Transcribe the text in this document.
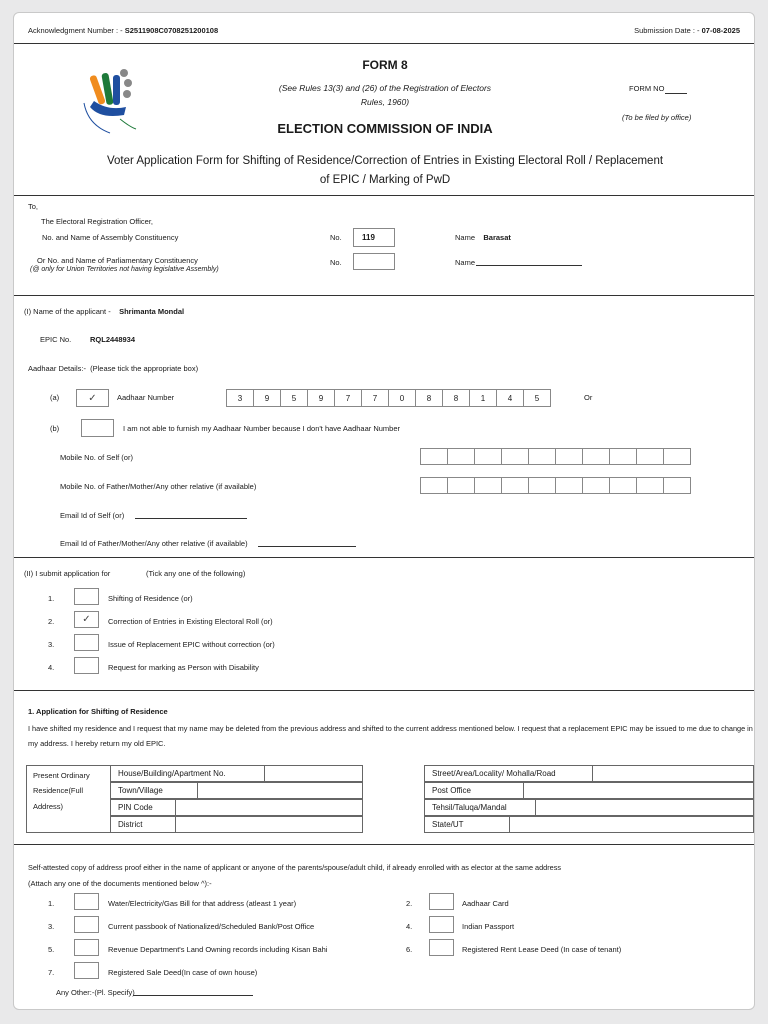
Acknowledgment Number : - S2511908C0708251200108	Submission Date : - 07-08-2025
FORM 8
(See Rules 13(3) and (26) of the Registration of Electors
Rules, 1960)
ELECTION COMMISSION OF INDIA
FORM NO
(To be filed by office)
Voter Application Form for Shifting of Residence/Correction of Entries in Existing Electoral Roll / Replacement
of EPIC / Marking of PwD
To,
The Electoral Registration Officer,
No. and Name of Assembly Constituency	No.	119	Name Barasat
Or No. and Name of Parliamentary Constituency
(@ only for Union Territories not having legislative Assembly)
No.	Name
(I) Name of the applicant - Shrimanta Mondal
EPIC No. RQL2448934
Aadhaar Details:- (Please tick the appropriate box)
(a)	✓	Aadhaar Number	Or
(b)	I am not able to furnish my Aadhaar Number because I don't have Aadhaar Number
Mobile No. of Self (or)
Mobile No. of Father/Mother/Any other relative (if available)
Email Id of Self (or)
Email Id of Father/Mother/Any other relative (if available)
(II) I submit application for	(Tick any one of the following)
1. Application for Shifting of Residence
I have shifted my residence and I request that my name may be deleted from the previous address and shifted to the current address mentioned below. I request that a replacement EPIC may be issued to me due to change in
my address. I hereby return my old EPIC.
Present Ordinary
Residence(Full
Address)
Self-attested copy of address proof either in the name of applicant or anyone of the parents/spouse/adult child, if already enrolled with as elector at the same address
(Attach any one of the documents mentioned below ^):-
Any Other:-(Pl. Specify)
3	9	5	9	7	7	0	8	8	1	4	5
1.	Shifting of Residence (or)
2.	✓	Correction of Entries in Existing Electoral Roll (or)
3.	Issue of Replacement EPIC without correction (or)
4.	Request for marking as Person with Disability
House/Building/Apartment No.
Town/Village
PIN Code
District
Street/Area/Locality/ Mohalla/Road
Post Office
Tehsil/Taluqa/Mandal
State/UT
1.	Water/Electricity/Gas Bill for that address (atleast 1 year)	2.	Aadhaar Card
3.	Current passbook of Nationalized/Scheduled Bank/Post Office	4.	Indian Passport
5.	Revenue Department's Land Owning records including Kisan Bahi	6.	Registered Rent Lease Deed (In case of tenant)
7.	Registered Sale Deed(In case of own house)
